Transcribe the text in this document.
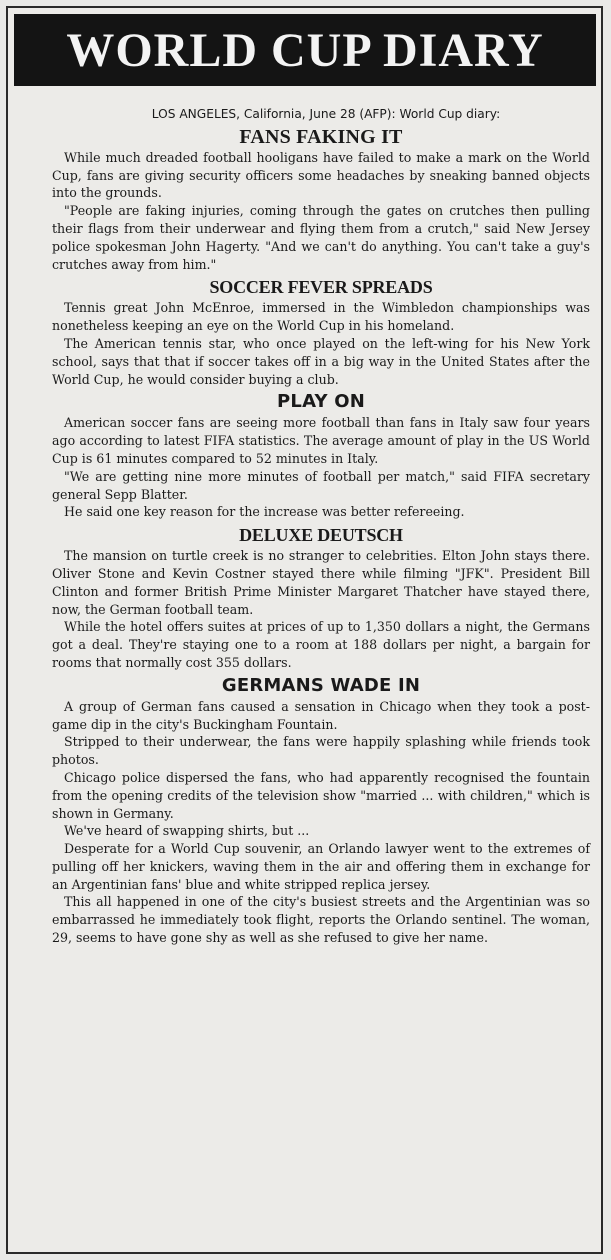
WORLD CUP DIARY
LOS ANGELES, California, June 28 (AFP): World Cup diary:
FANS FAKING IT

While much dreaded football hooligans have failed to make a mark on the World Cup, fans are giving security officers some headaches by sneaking banned objects into the grounds.

"People are faking injuries, coming through the gates on crutches then pulling their flags from their underwear and flying them from a crutch," said New Jersey police spokesman John Hagerty. "And we can't do anything. You can't take a guy's crutches away from him."

SOCCER FEVER SPREADS

Tennis great John McEnroe, immersed in the Wimbledon championships was nonetheless keeping an eye on the World Cup in his homeland.

The American tennis star, who once played on the left-wing for his New York school, says that that if soccer takes off in a big way in the United States after the World Cup, he would consider buying a club.

PLAY ON

American soccer fans are seeing more football than fans in Italy saw four years ago according to latest FIFA statistics. The average amount of play in the US World Cup is 61 minutes compared to 52 minutes in Italy.

"We are getting nine more minutes of football per match," said FIFA secretary general Sepp Blatter.

He said one key reason for the increase was better refereeing.

DELUXE DEUTSCH

The mansion on turtle creek is no stranger to celebrities. Elton John stays there. Oliver Stone and Kevin Costner stayed there while filming "JFK". President Bill Clinton and former British Prime Minister Margaret Thatcher have stayed there, now, the German football team.

While the hotel offers suites at prices of up to 1,350 dollars a night, the Germans got a deal. They're staying one to a room at 188 dollars per night, a bargain for rooms that normally cost 355 dollars.

GERMANS WADE IN

A group of German fans caused a sensation in Chicago when they took a post-game dip in the city's Buckingham Fountain.

Stripped to their underwear, the fans were happily splashing while friends took photos.

Chicago police dispersed the fans, who had apparently recognised the fountain from the opening credits of the television show "married ... with children," which is shown in Germany.

We've heard of swapping shirts, but ...

Desperate for a World Cup souvenir, an Orlando lawyer went to the extremes of pulling off her knickers, waving them in the air and offering them in exchange for an Argentinian fans' blue and white stripped replica jersey.

This all happened in one of the city's busiest streets and the Argentinian was so embarrassed he immediately took flight, reports the Orlando sentinel. The woman, 29, seems to have gone shy as well as she refused to give her name.
